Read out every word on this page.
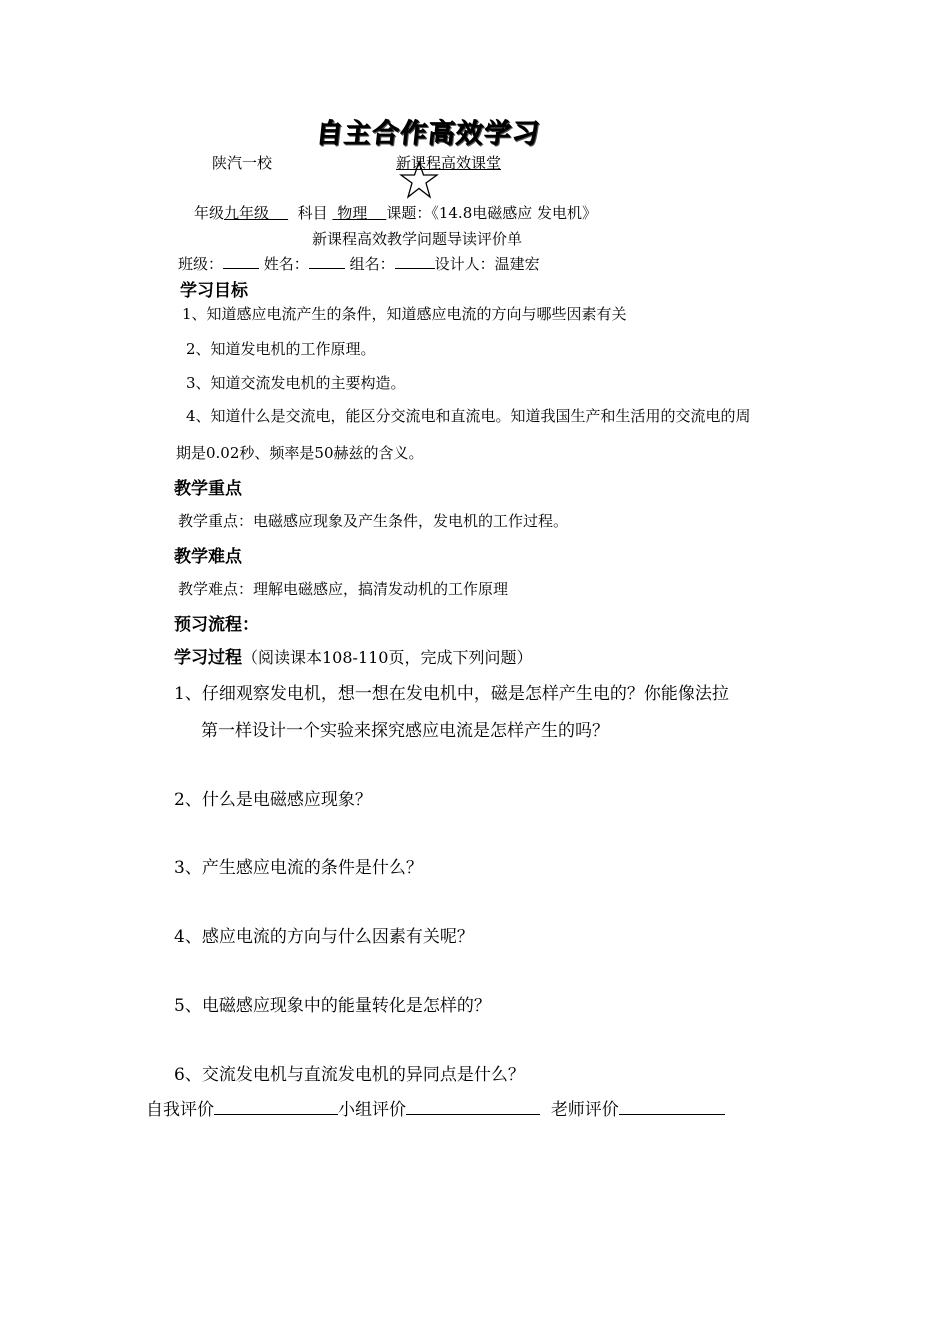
自主合作高效学习
陕汽一校	新课程高效课堂
年级九年级 科目 物理 课题：《14.8电磁感应 发电机》
新课程高效教学问题导读评价单
班级：	姓名：	组名：	设计人：温建宏
学习目标
1、知道感应电流产生的条件，知道感应电流的方向与哪些因素有关
2、知道发电机的工作原理。
3、知道交流发电机的主要构造。
4、知道什么是交流电，能区分交流电和直流电。知道我国生产和生活用的交流电的周
期是0.02秒、频率是50赫兹的含义。
教学重点
教学重点：电磁感应现象及产生条件，发电机的工作过程。
教学难点
教学难点：理解电磁感应，搞清发动机的工作原理
预习流程：
学习过程（阅读课本108-110页，完成下列问题）
1、仔细观察发电机，想一想在发电机中，磁是怎样产生电的？你能像法拉
第一样设计一个实验来探究感应电流是怎样产生的吗？
2、什么是电磁感应现象？
3、产生感应电流的条件是什么？
4、感应电流的方向与什么因素有关呢？
5、电磁感应现象中的能量转化是怎样的？
6、交流发电机与直流发电机的异同点是什么？
自我评价	小组评价	老师评价
